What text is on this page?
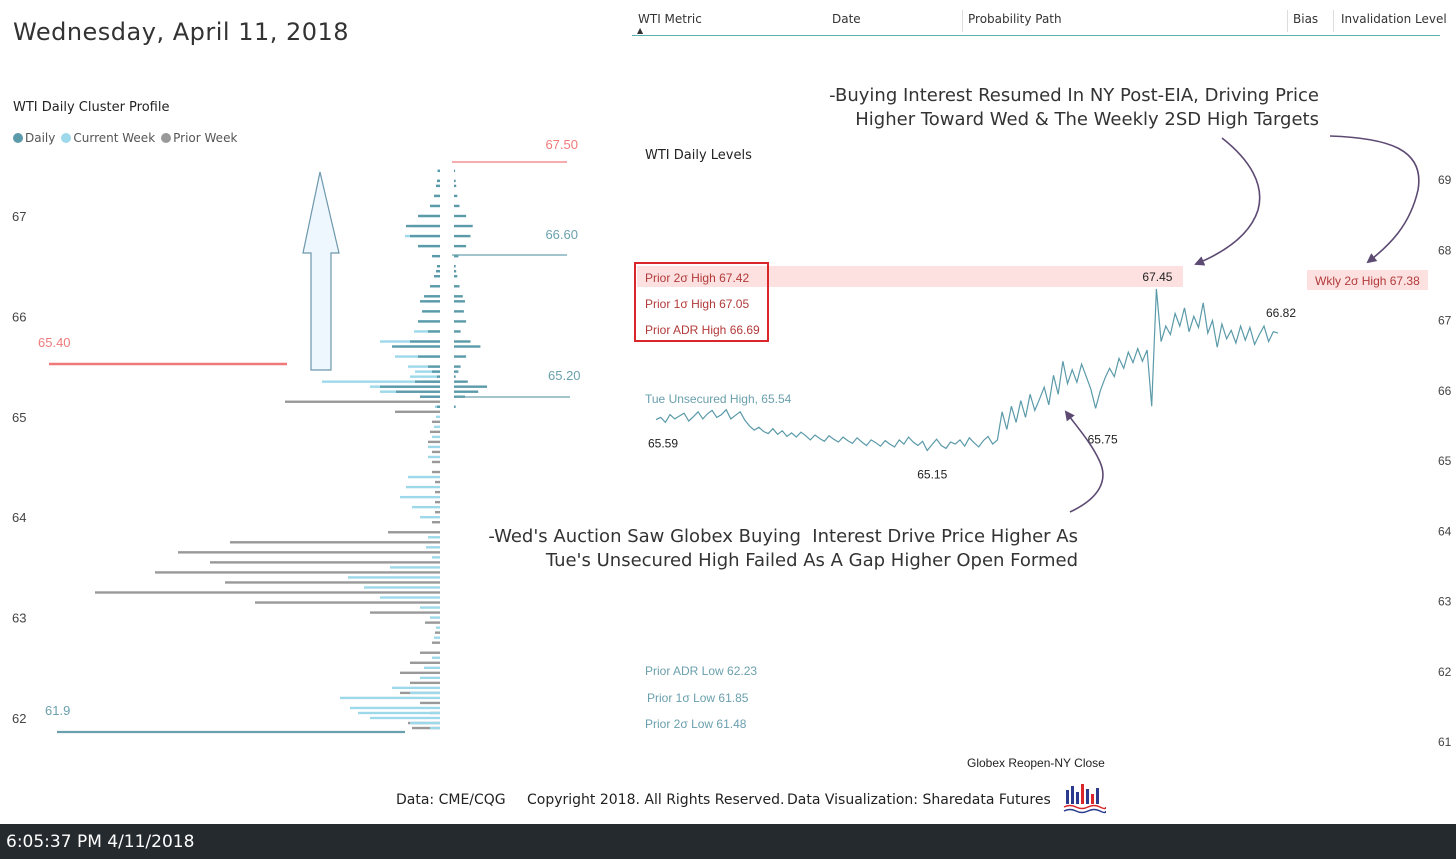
Wednesday, April 11, 2018
WTI Daily Cluster Profile
Daily	Current Week	Prior Week
WTI Metric
▲
Date	Probability Path	Bias Invalidation Level
WTI Daily Levels
-Buying Interest Resumed In NY Post-EIA, Driving Price
Higher Toward Wed & The Weekly 2SD High Targets
-Wed's Auction Saw Globex Buying  Interest Drive Price Higher As
Tue's Unsecured High Failed As A Gap Higher Open Formed
62
63
64
65
66
67
67.50
66.60
65.40
65.20
61.9
61
62
63
64
65
66
67
68
69
Wkly 2σ High 67.38
Prior 2σ High 67.42
Prior 1σ High 67.05
Prior ADR High 66.69
Tue Unsecured High, 65.54
Prior ADR Low 62.23
Prior 1σ Low 61.85
Prior 2σ Low 61.48
65.59
65.15
65.75
67.45
66.82
Globex Reopen-NY Close
Data: CME/CQG Copyright 2018. All Rights Reserved. Data Visualization: Sharedata Futures
6:05:37 PM 4/11/2018
